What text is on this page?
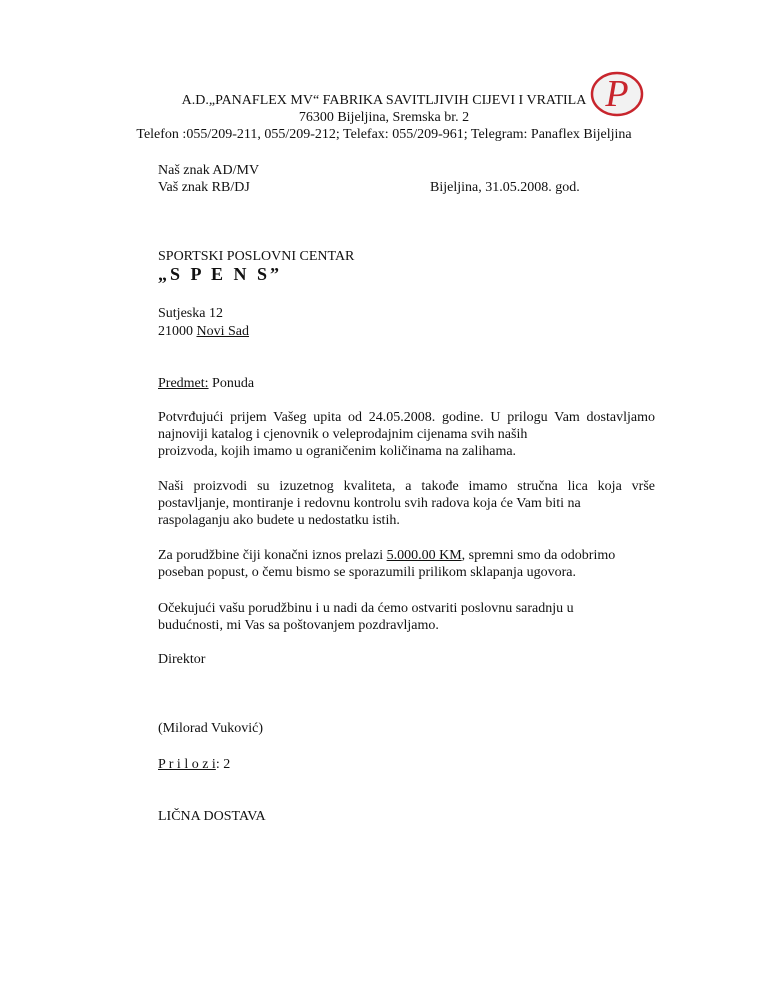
A.D.„PANAFLEX MV“ FABRIKA SAVITLJIVIH CIJEVI I VRATILA

76300 Bijeljina, Sremska br. 2

Telefon :055/209-211, 055/209-212; Telefax: 055/209-961; Telegram: Panaflex Bijeljina

P

Naš znak AD/MV

Vaš znak RB/DJ	Bijeljina, 31.05.2008. god.

SPORTSKI POSLOVNI CENTAR

„S P E N S”

Sutjeska 12

21000 Novi Sad

Predmet: Ponuda

Potvrđujući prijem Vašeg upita od 24.05.2008. godine. U prilogu Vam dostavljamo najnoviji katalog i cjenovnik o veleprodajnim cijenama svih naših
proizvoda, kojih imamo u ograničenim količinama na zalihama.

Naši proizvodi su izuzetnog kvaliteta, a takođe imamo stručna lica koja vrše postavljanje, montiranje i redovnu kontrolu svih radova koja će Vam biti na
raspolaganju ako budete u nedostatku istih.

Za porudžbine čiji konačni iznos prelazi 5.000.00 KM, spremni smo da odobrimo
poseban popust, o čemu bismo se sporazumili prilikom sklapanja ugovora.

Očekujući vašu porudžbinu i u nadi da ćemo ostvariti poslovnu saradnju u
budućnosti, mi Vas sa poštovanjem pozdravljamo.

Direktor

(Milorad Vuković)

P r i l o z i: 2

LIČNA DOSTAVA
